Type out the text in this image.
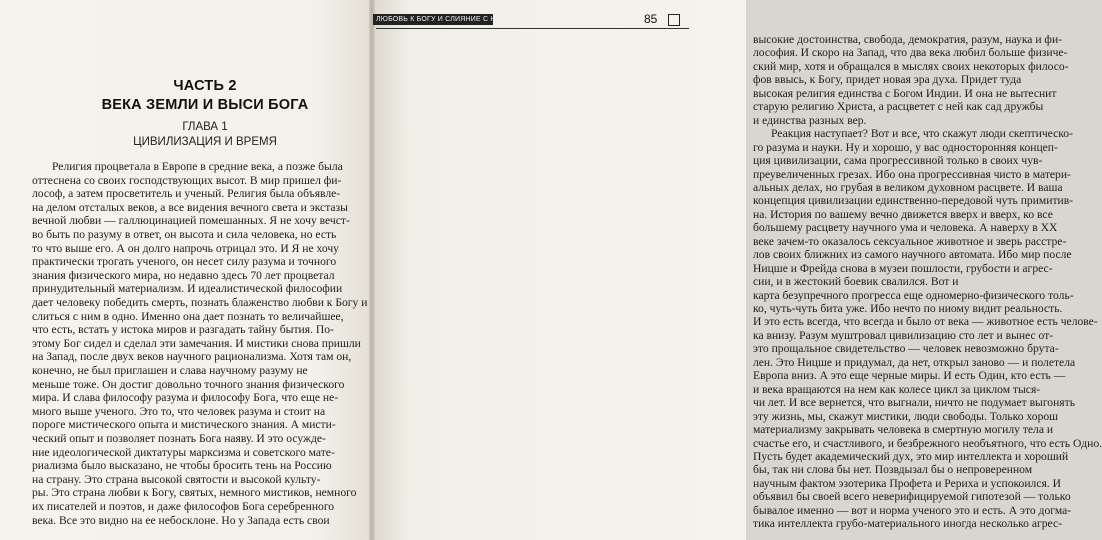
ЧАСТЬ 2
ВЕКА ЗЕМЛИ И ВЫСИ БОГА
ГЛАВА 1
ЦИВИЛИЗАЦИЯ И ВРЕМЯ
Религия процветала в Европе в средние века, а позже была
оттеснена со своих господствующих высот. В мир пришел фи-
лософ, а затем просветитель и ученый. Религия была объявле-
на делом отсталых веков, а все видения вечного света и экстазы
вечной любви — галлюцинацией помешанных. Я не хочу вечст-
во быть по разуму в ответ, он высота и сила человека, но есть
то что выше его. А он долго напрочь отрицал это. И Я не хочу
практически трогать ученого, он несет силу разума и точного
знания физического мира, но недавно здесь 70 лет процветал
принудительный материализм. И идеалистической философии
дает человеку победить смерть, познать блаженство любви к Богу и
слиться с ним в одно. Именно она дает познать то величайшее,
что есть, встать у истока миров и разгадать тайну бытия. По-
этому Бог сидел и сделал эти замечания. И мистики снова пришли
на Запад, после двух веков научного рационализма. Хотя там он,
конечно, не был приглашен и слава научному разуму не
меньше тоже. Он достиг довольно точного знания физического
мира. И слава философу разума и философу Бога, что еще не-
много выше ученого. Это то, что человек разума и стоит на
пороге мистического опыта и мистического знания. А мисти-
ческий опыт и позволяет познать Бога наяву. И это осужде-
ние идеологической диктатуры марксизма и советского мате-
риализма было высказано, не чтобы бросить тень на Россию
на страну. Это страна высокой святости и высокой культу-
ры. Это страна любви к Богу, святых, немного мистиков, немного
их писателей и поэтов, и даже философов Бога серебренного
века. Все это видно на ее небосклоне. Но у Запада есть свои
высокие достоинства, свобода, демократия, разум, наука и фи-
лософия. И скоро на Запад, что два века любил больше физиче-
ский мир, хотя и обращался в мыслях своих некоторых филосо-
фов ввысь, к Богу, придет новая эра духа. Придет туда
высокая религия единства с Богом Индии. И она не вытеснит
старую религию Христа, а расцветет с ней как сад дружбы
и единства разных вер.
Реакция наступает? Вот и все, что скажут люди скептическо-
го разума и науки. Ну и хорошо, у вас односторонняя концеп-
ция цивилизации, сама прогрессивной только в своих чув-
преувеличенных грезах. Ибо она прогрессивная чисто в матери-
альных делах, но грубая в великом духовном расцвете. И ваша
концепция цивилизации единственно-передовой чуть примитив-
на. История по вашему вечно движется вверх и вверх, ко все
большему расцвету научного ума и человека. А наверху в XX
веке зачем-то оказалось сексуальное животное и зверь расстре-
лов своих ближних из самого научного автомата. Ибо мир после
Ницше и Фрейда снова в музеи пошлости, грубости и агрес-
сии, и в жестокий боевик свалился. Вот и
карта безупречного прогресса еще одномерно-физического толь-
ко, чуть-чуть бита уже. Ибо нечто по ниому видит реальность.
И это есть всегда, что всегда и было от века — животное есть челове-
ка внизу. Разум муштровал цивилизацию сто лет и вынес от-
это прощальное свидетельство — человек невозможно брута-
лен. Это Ницше и придумал, да нет, открыл заново — и полетела
Европа вниз. А это еще черные миры. И есть Один, кто есть —
и века вращаются на нем как колесе цикл за циклом тыся-
чи лет. И все вернется, что выгнали, ничто не подумает выгонять
эту жизнь, мы, скажут мистики, люди свободы. Только хорош
материализму закрывать человека в смертную могилу тела и
счастье его, и счастливого, и безбрежного необъятного, что есть Одно.
Пусть будет академический дух, это мир интеллекта и хороший
бы, так ни слова бы нет. Позвдызал бы о непроверенном
научным фактом эзотерика Профета и Рериха и успокоился. И
объявил бы своей всего неверифицируемой гипотезой — только
бывалое именно — вот и норма ученого это и есть. А это догма-
тика интеллекта грубо-материального иногда несколько агрес-
ЛЮБОВЬ К БОГУ И СЛИЯНИЕ С НИМ	85
